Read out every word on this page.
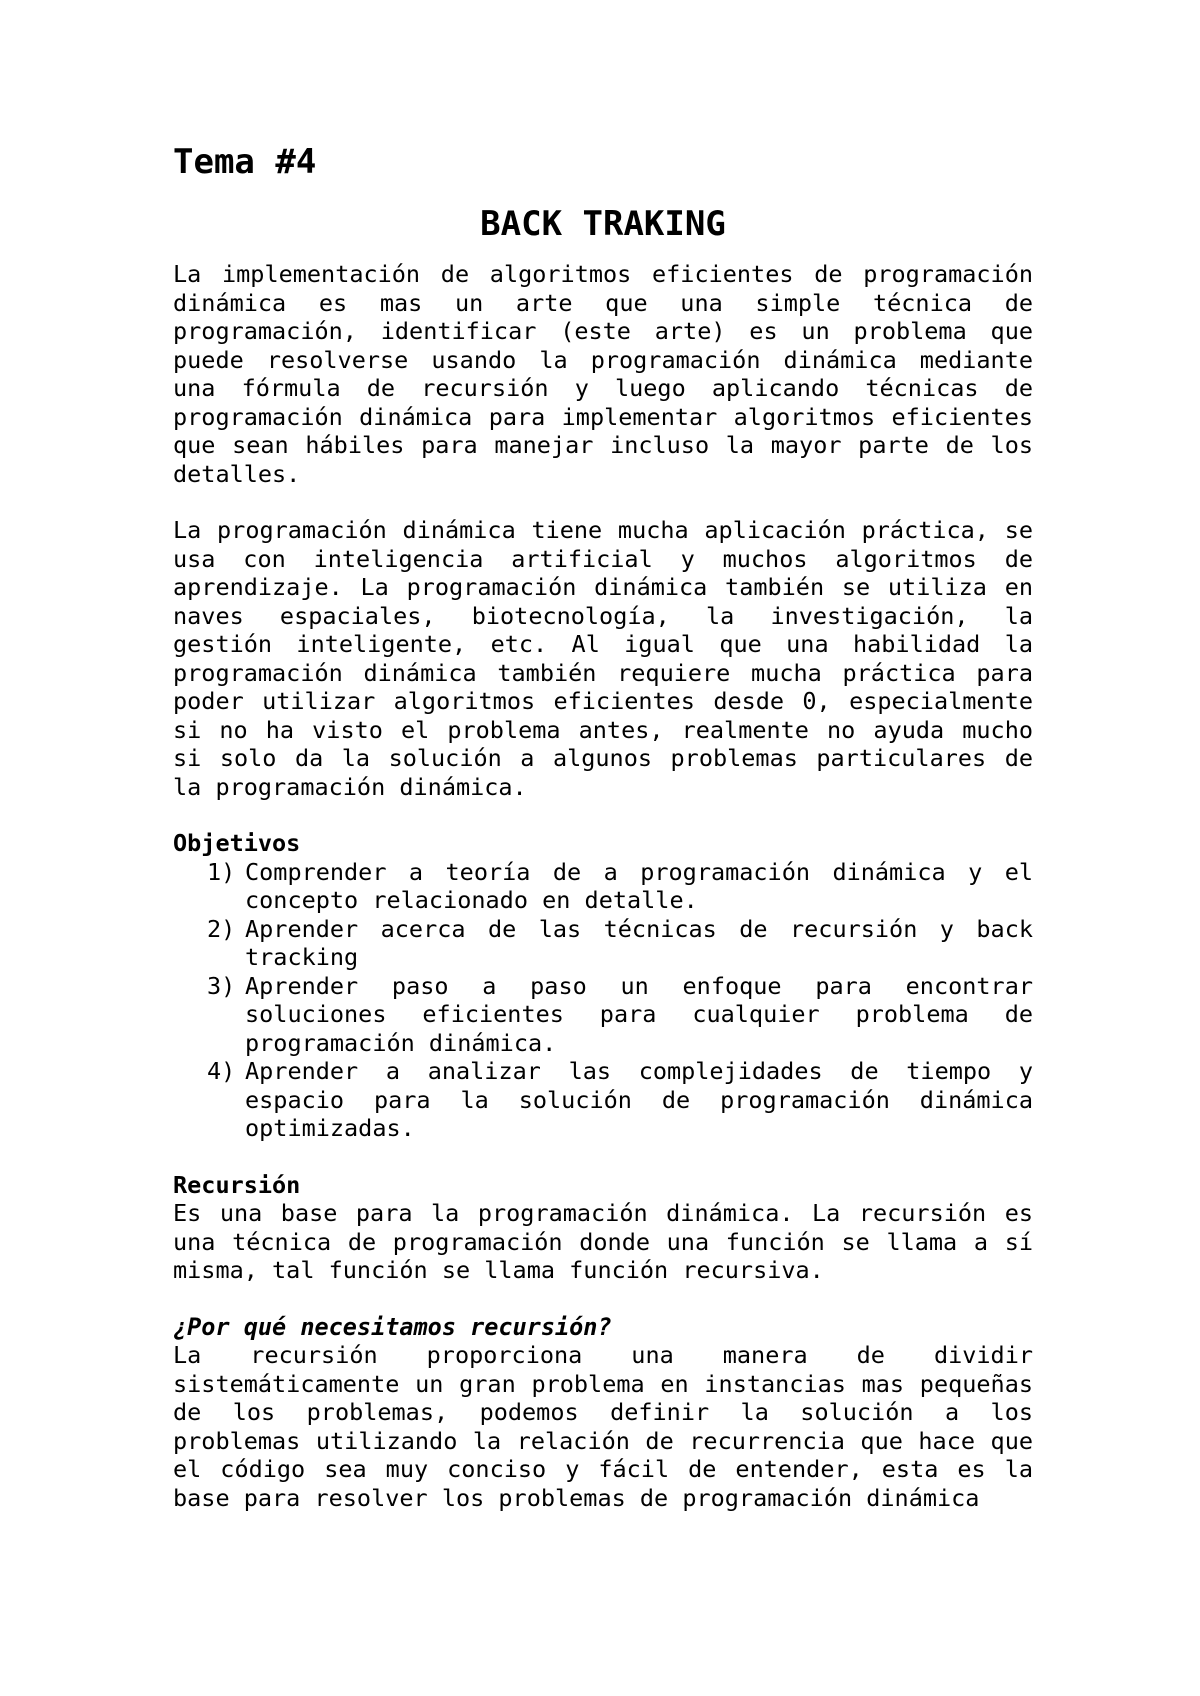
Tema #4
BACK TRAKING

La implementación de algoritmos eficientes de programación dinámica es mas un arte que una simple técnica de programación, identificar (este arte) es un problema que puede resolverse usando la programación dinámica mediante una fórmula de recursión y luego aplicando técnicas de programación dinámica para implementar algoritmos eficientes que sean hábiles para manejar incluso la mayor parte de los detalles.

La programación dinámica tiene mucha aplicación práctica, se usa con inteligencia artificial y muchos algoritmos de aprendizaje. La programación dinámica también se utiliza en naves espaciales, biotecnología, la investigación, la gestión inteligente, etc. Al igual que una habilidad la programación dinámica también requiere mucha práctica para poder utilizar algoritmos eficientes desde 0, especialmente si no ha visto el problema antes, realmente no ayuda mucho si solo da la solución a algunos problemas particulares de la programación dinámica.

Objetivos
1) Comprender a teoría de a programación dinámica y el concepto relacionado en detalle.
2) Aprender acerca de las técnicas de recursión y back tracking
3) Aprender paso a paso un enfoque para encontrar soluciones eficientes para cualquier problema de programación dinámica.
4) Aprender a analizar las complejidades de tiempo y espacio para la solución de programación dinámica optimizadas.
Recursión

Es una base para la programación dinámica. La recursión es una técnica de programación donde una función se llama a sí misma, tal función se llama función recursiva.

¿Por qué necesitamos recursión?

La recursión proporciona una manera de dividir sistemáticamente un gran problema en instancias mas pequeñas de los problemas, podemos definir la solución a los problemas utilizando la relación de recurrencia que hace que el código sea muy conciso y fácil de entender, esta es la base para resolver los problemas de programación dinámica
